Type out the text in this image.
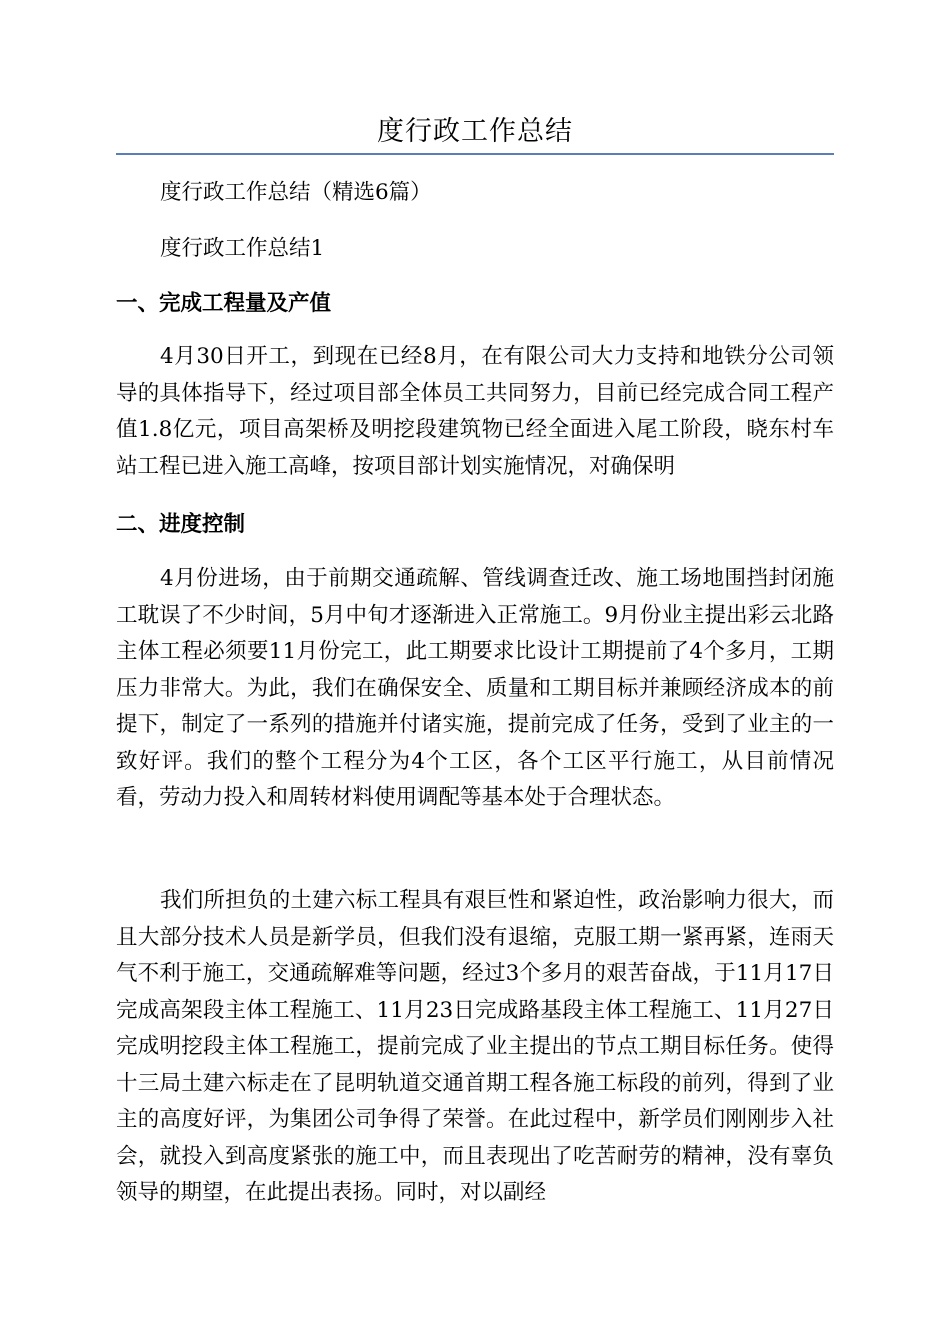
度行政工作总结

度行政工作总结（精选6篇）

度行政工作总结1

一、完成工程量及产值

4月30日开工，到现在已经8月，在有限公司大力支持和地铁分公司领导的具体指导下，经过项目部全体员工共同努力，目前已经完成合同工程产值1.8亿元，项目高架桥及明挖段建筑物已经全面进入尾工阶段，晓东村车站工程已进入施工高峰，按项目部计划实施情况，对确保明

二、进度控制

4月份进场，由于前期交通疏解、管线调查迁改、施工场地围挡封闭施工耽误了不少时间，5月中旬才逐渐进入正常施工。9月份业主提出彩云北路主体工程必须要11月份完工，此工期要求比设计工期提前了4个多月，工期压力非常大。为此，我们在确保安全、质量和工期目标并兼顾经济成本的前提下，制定了一系列的措施并付诸实施，提前完成了任务，受到了业主的一致好评。我们的整个工程分为4个工区，各个工区平行施工，从目前情况看，劳动力投入和周转材料使用调配等基本处于合理状态。

我们所担负的土建六标工程具有艰巨性和紧迫性，政治影响力很大，而且大部分技术人员是新学员，但我们没有退缩，克服工期一紧再紧，连雨天气不利于施工，交通疏解难等问题，经过3个多月的艰苦奋战，于11月17日完成高架段主体工程施工、11月23日完成路基段主体工程施工、11月27日完成明挖段主体工程施工，提前完成了业主提出的节点工期目标任务。使得十三局土建六标走在了昆明轨道交通首期工程各施工标段的前列，得到了业主的高度好评，为集团公司争得了荣誉。在此过程中，新学员们刚刚步入社会，就投入到高度紧张的施工中，而且表现出了吃苦耐劳的精神，没有辜负领导的期望，在此提出表扬。同时，对以副经
